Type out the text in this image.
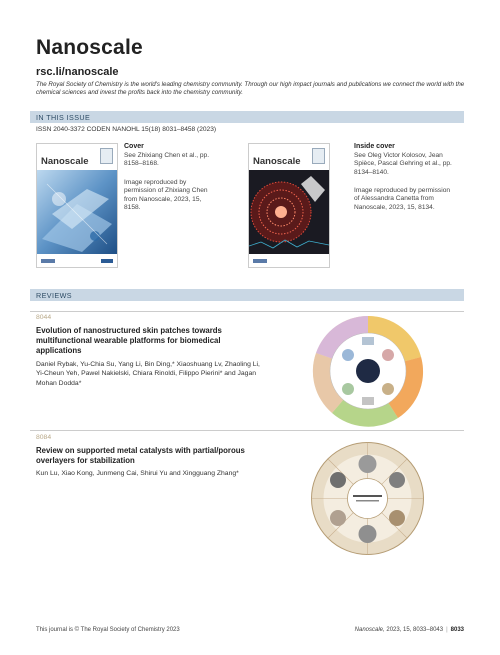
Nanoscale
rsc.li/nanoscale
The Royal Society of Chemistry is the world's leading chemistry community. Through our high impact journals and publications we connect the world with the chemical sciences and invest the profits back into the chemistry community.
IN THIS ISSUE
ISSN 2040-3372 CODEN NANOHL 15(18) 8031–8458 (2023)
Nanoscale
Cover
See Zhixiang Chen et al., pp. 8158–8168.
Image reproduced by permission of Zhixiang Chen from Nanoscale, 2023, 15, 8158.
Nanoscale
Inside cover
See Oleg Victor Kolosov, Jean Spièce, Pascal Gehring et al., pp. 8134–8140.
Image reproduced by permission of Alessandra Canetta from Nanoscale, 2023, 15, 8134.
REVIEWS
8044
Evolution of nanostructured skin patches towards multifunctional wearable platforms for biomedical applications
Daniel Rybak, Yu-Chia Su, Yang Li, Bin Ding,* Xiaoshuang Lv, Zhaoling Li, Yi-Cheun Yeh, Pawel Nakielski, Chiara Rinoldi, Filippo Pierini* and Jagan Mohan Dodda*
8084
Review on supported metal catalysts with partial/porous overlayers for stabilization
Kun Lu, Xiao Kong, Junmeng Cai, Shirui Yu and Xingguang Zhang*
This journal is © The Royal Society of Chemistry 2023	Nanoscale, 2023, 15, 8033–8043 | 8033
